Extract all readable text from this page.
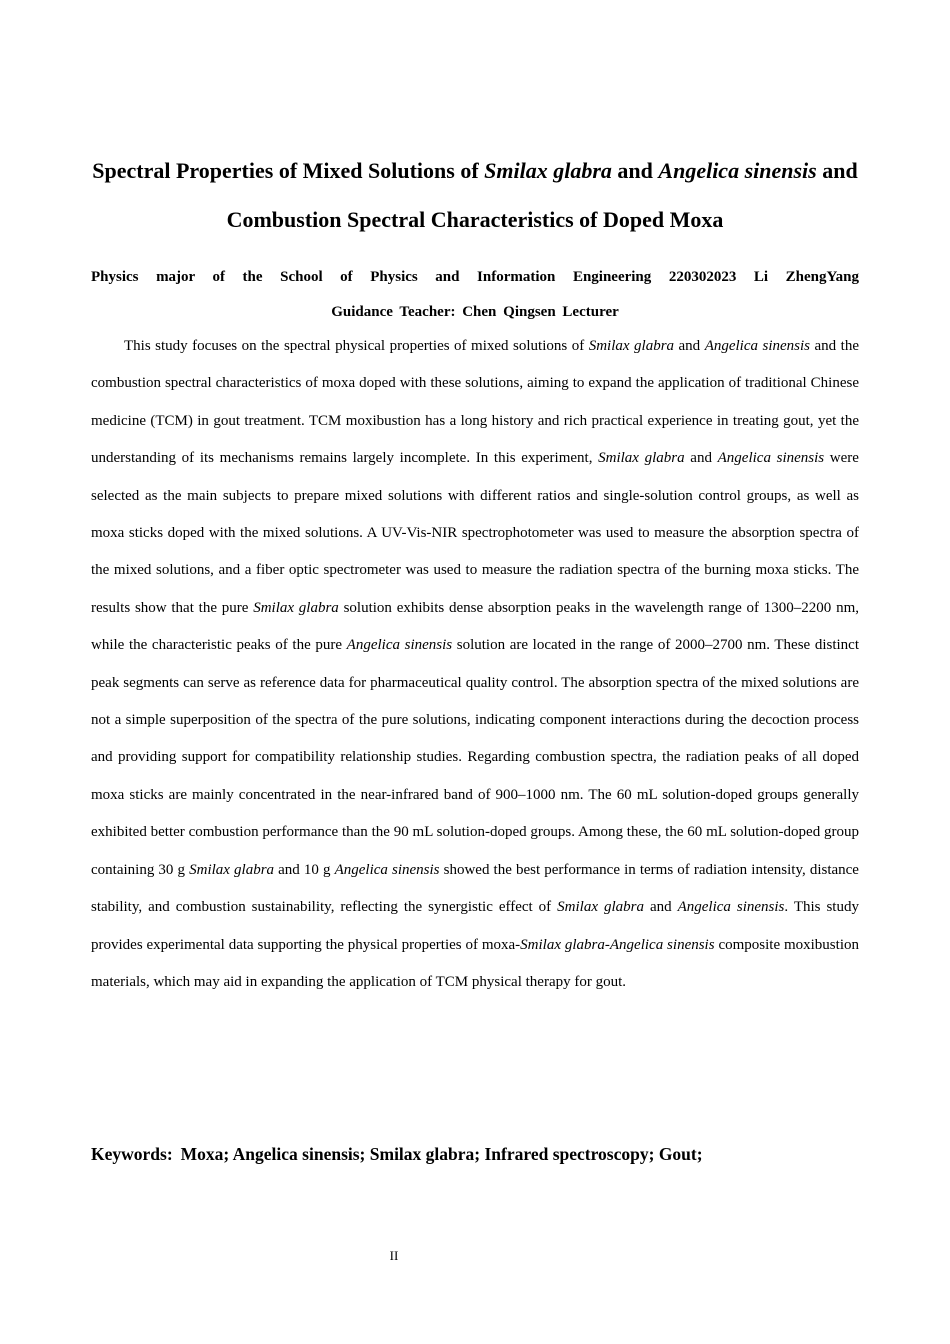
Spectral Properties of Mixed Solutions of Smilax glabra and Angelica sinensis and Combustion Spectral Characteristics of Doped Moxa
Physics major of the School of Physics and Information Engineering 220302023 Li ZhengYang
Guidance Teacher: Chen Qingsen Lecturer

This study focuses on the spectral physical properties of mixed solutions of Smilax glabra and Angelica sinensis and the combustion spectral characteristics of moxa doped with these solutions, aiming to expand the application of traditional Chinese medicine (TCM) in gout treatment. TCM moxibustion has a long history and rich practical experience in treating gout, yet the understanding of its mechanisms remains largely incomplete. In this experiment, Smilax glabra and Angelica sinensis were selected as the main subjects to prepare mixed solutions with different ratios and single-solution control groups, as well as moxa sticks doped with the mixed solutions. A UV-Vis-NIR spectrophotometer was used to measure the absorption spectra of the mixed solutions, and a fiber optic spectrometer was used to measure the radiation spectra of the burning moxa sticks. The results show that the pure Smilax glabra solution exhibits dense absorption peaks in the wavelength range of 1300–2200 nm, while the characteristic peaks of the pure Angelica sinensis solution are located in the range of 2000–2700 nm. These distinct peak segments can serve as reference data for pharmaceutical quality control. The absorption spectra of the mixed solutions are not a simple superposition of the spectra of the pure solutions, indicating component interactions during the decoction process and providing support for compatibility relationship studies. Regarding combustion spectra, the radiation peaks of all doped moxa sticks are mainly concentrated in the near-infrared band of 900–1000 nm. The 60 mL solution-doped groups generally exhibited better combustion performance than the 90 mL solution-doped groups. Among these, the 60 mL solution-doped group containing 30 g Smilax glabra and 10 g Angelica sinensis showed the best performance in terms of radiation intensity, distance stability, and combustion sustainability, reflecting the synergistic effect of Smilax glabra and Angelica sinensis. This study provides experimental data supporting the physical properties of moxa-Smilax glabra-Angelica sinensis composite moxibustion materials, which may aid in expanding the application of TCM physical therapy for gout.

Keywords: Moxa; Angelica sinensis; Smilax glabra; Infrared spectroscopy; Gout;
II
